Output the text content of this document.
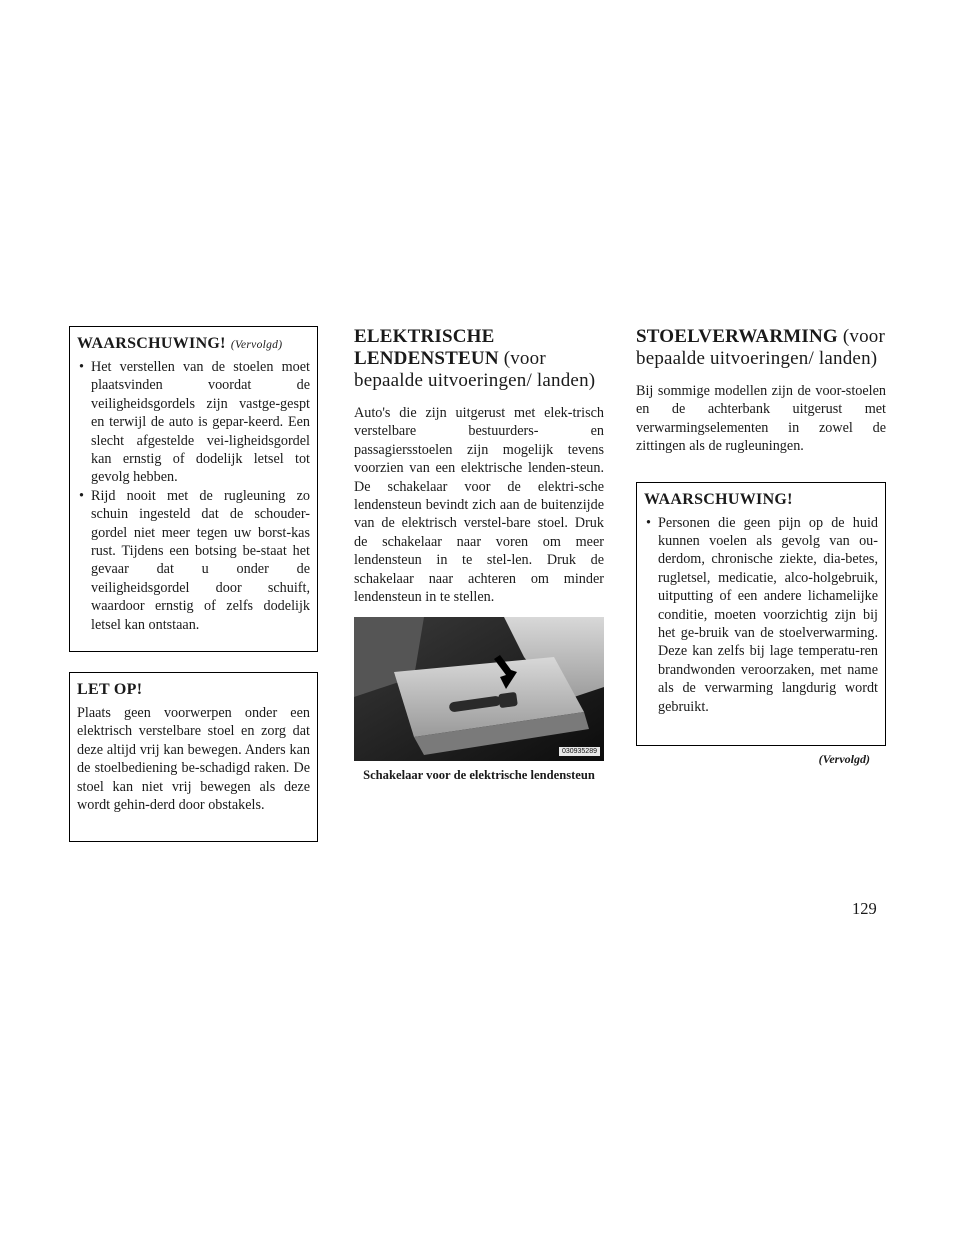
WAARSCHUWING! (Vervolgd)
• Het verstellen van de stoelen moet plaatsvinden voordat de veiligheidsgordels zijn vastge-gespt en terwijl de auto is gepar-keerd. Een slecht afgestelde vei-ligheidsgordel kan ernstig of dodelijk letsel tot gevolg hebben.
• Rijd nooit met de rugleuning zo schuin ingesteld dat de schouder-gordel niet meer tegen uw borst-kas rust. Tijdens een botsing be-staat het gevaar dat u onder de veiligheidsgordel door schuift, waardoor ernstig of zelfs dodelijk letsel kan ontstaan.
LET OP!

Plaats geen voorwerpen onder een elektrisch verstelbare stoel en zorg dat deze altijd vrij kan bewegen. Anders kan de stoelbediening be-schadigd raken. De stoel kan niet vrij bewegen als deze wordt gehin-derd door obstakels.

ELEKTRISCHE LENDENSTEUN (voor bepaalde uitvoeringen/ landen)

Auto's die zijn uitgerust met elek-trisch verstelbare bestuurders- en passagiersstoelen zijn mogelijk tevens voorzien van een elektrische lenden-steun. De schakelaar voor de elektri-sche lendensteun bevindt zich aan de buitenzijde van de elektrisch verstel-bare stoel. Druk de schakelaar naar voren om meer lendensteun in te stel-len. Druk de schakelaar naar achteren om minder lendensteun in te stellen.

030935289
Schakelaar voor de elektrische lendensteun
STOELVERWARMING (voor bepaalde uitvoeringen/ landen)

Bij sommige modellen zijn de voor-stoelen en de achterbank uitgerust met verwarmingselementen in zowel de zittingen als de rugleuningen.

WAARSCHUWING!
• Personen die geen pijn op de huid kunnen voelen als gevolg van ou-derdom, chronische ziekte, dia-betes, rugletsel, medicatie, alco-holgebruik, uitputting of een andere lichamelijke conditie, moeten voorzichtig zijn bij het ge-bruik van de stoelverwarming. Deze kan zelfs bij lage temperatu-ren brandwonden veroorzaken, met name als de verwarming langdurig wordt gebruikt.
(Vervolgd)
129
